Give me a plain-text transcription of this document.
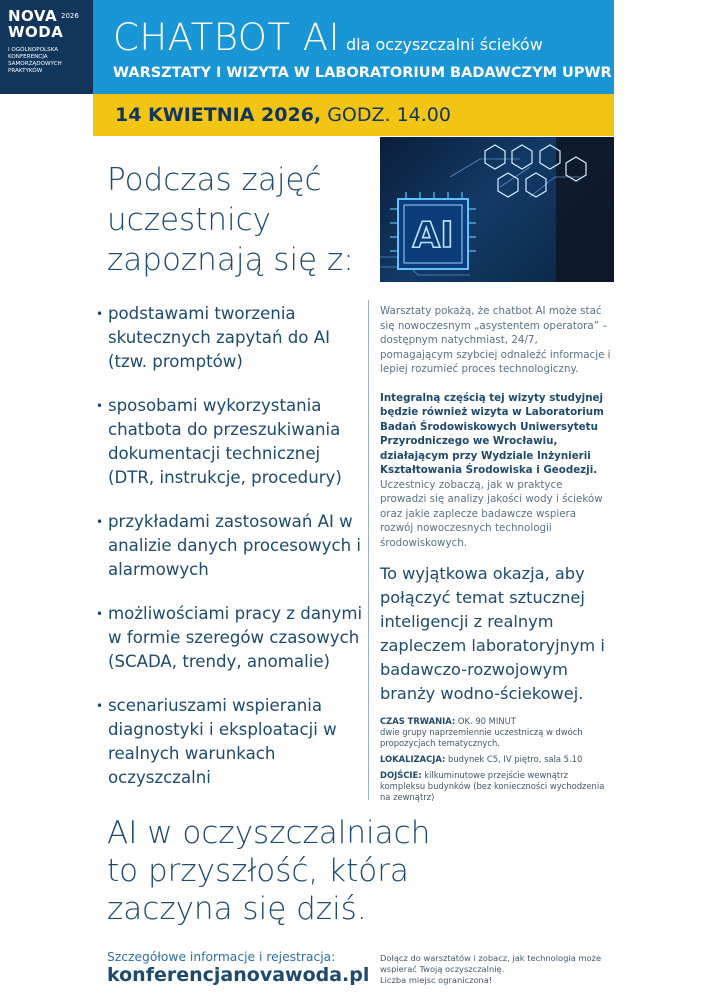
NOVA 2026
WODA
I OGÓLNOPOLSKA KONFERENCJA SAMORZĄDOWYCH PRAKTYKÓW
CHATBOT AI dla oczyszczalni ścieków
WARSZTATY I WIZYTA W LABORATORIUM BADAWCZYM UPWR
14 KWIETNIA 2026, GODZ. 14.00
Podczas zajęć uczestnicy zapoznają się z:
AI
• podstawami tworzenia skutecznych zapytań do AI (tzw. promptów)
• sposobami wykorzystania chatbota do przeszukiwania dokumentacji technicznej (DTR, instrukcje, procedury)
• przykładami zastosowań AI w analizie danych procesowych i alarmowych
• możliwościami pracy z danymi w formie szeregów czasowych (SCADA, trendy, anomalie)
• scenariuszami wspierania diagnostyki i eksploatacji w realnych warunkach oczyszczalni

Warsztaty pokażą, że chatbot AI może stać się nowoczesnym „asystentem operatora” – dostępnym natychmiast, 24/7, pomagającym szybciej odnaleźć informacje i lepiej rozumieć proces technologiczny.

Integralną częścią tej wizyty studyjnej będzie również wizyta w Laboratorium Badań Środowiskowych Uniwersytetu Przyrodniczego we Wrocławiu, działającym przy Wydziale Inżynierii Kształtowania Środowiska i Geodezji. Uczestnicy zobaczą, jak w praktyce prowadzi się analizy jakości wody i ścieków oraz jakie zaplecze badawcze wspiera rozwój nowoczesnych technologii środowiskowych.

To wyjątkowa okazja, aby połączyć temat sztucznej inteligencji z realnym zapleczem laboratoryjnym i badawczo-rozwojowym branży wodno-ściekowej.

CZAS TRWANIA: OK. 90 MINUT
dwie grupy naprzemiennie uczestniczą w dwóch propozycjach tematycznych.

LOKALIZACJA: budynek C5, IV piętro, sala 5.10

DOJŚCIE: kilkuminutowe przejście wewnątrz kompleksu budynków (bez konieczności wychodzenia na zewnątrz)

AI w oczyszczalniach
to przyszłość, która
zaczyna się dziś.
Szczegółowe informacje i rejestracja:
konferencjanovawoda.pl
Dołącz do warsztatów i zobacz, jak technologia może wspierać Twoją oczyszczalnię.
Liczba miejsc ograniczona!
